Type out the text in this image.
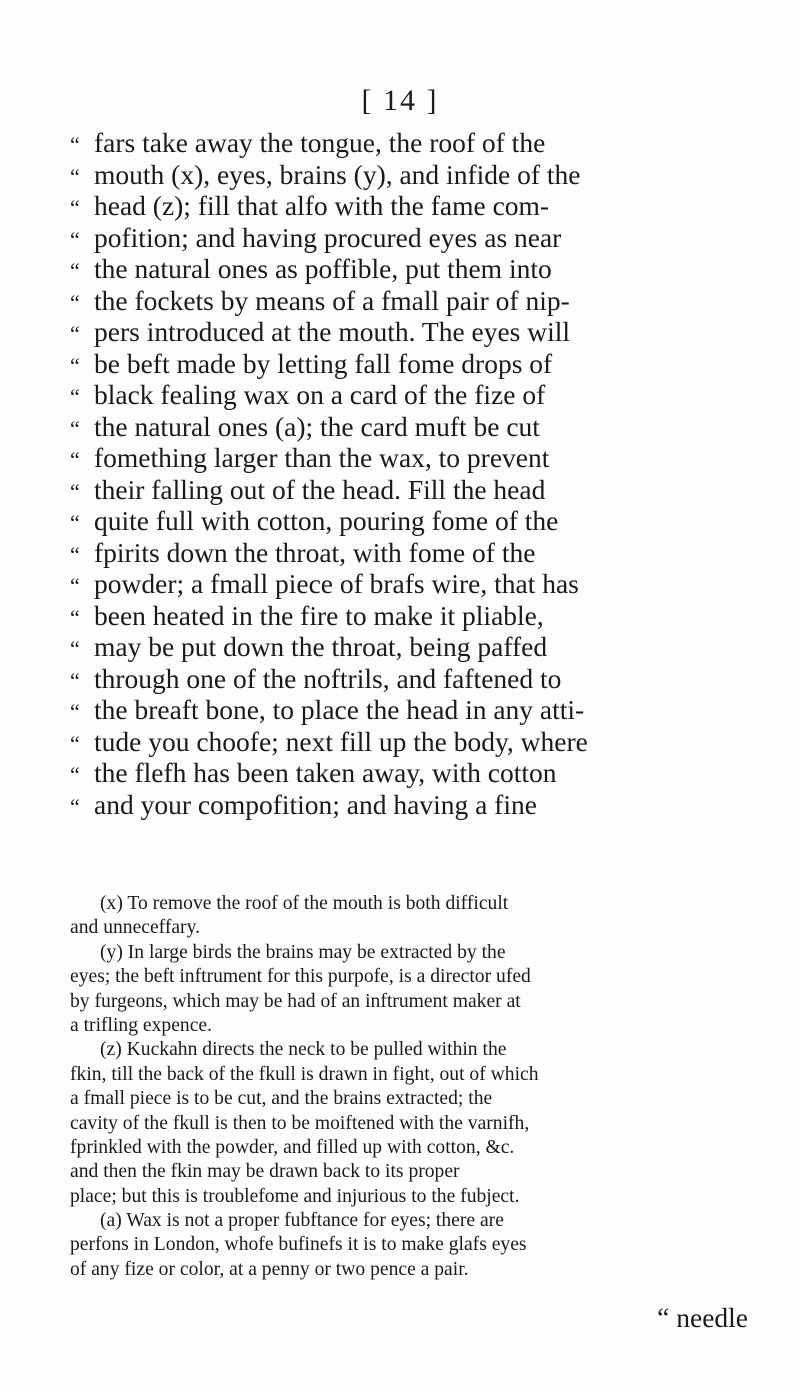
[ 14 ]
“ fars take away the tongue, the roof of the
“ mouth (x), eyes, brains (y), and infide of the
“ head (z); fill that alfo with the fame com-
“ pofition; and having procured eyes as near
“ the natural ones as poffible, put them into
“ the fockets by means of a fmall pair of nip-
“ pers introduced at the mouth. The eyes will
“ be beft made by letting fall fome drops of
“ black fealing wax on a card of the fize of
“ the natural ones (a); the card muft be cut
“ fomething larger than the wax, to prevent
“ their falling out of the head. Fill the head
“ quite full with cotton, pouring fome of the
“ fpirits down the throat, with fome of the
“ powder; a fmall piece of brafs wire, that has
“ been heated in the fire to make it pliable,
“ may be put down the throat, being paffed
“ through one of the noftrils, and faftened to
“ the breaft bone, to place the head in any atti-
“ tude you choofe; next fill up the body, where
“ the flefh has been taken away, with cotton
“ and your compofition; and having a fine
(x) To remove the roof of the mouth is both difficult
and unneceffary.
(y) In large birds the brains may be extracted by the
eyes; the beft inftrument for this purpofe, is a director ufed
by furgeons, which may be had of an inftrument maker at
a trifling expence.
(z) Kuckahn directs the neck to be pulled within the
fkin, till the back of the fkull is drawn in fight, out of which
a fmall piece is to be cut, and the brains extracted; the
cavity of the fkull is then to be moiftened with the varnifh,
fprinkled with the powder, and filled up with cotton, &c.
and then the fkin may be drawn back to its proper
place; but this is troublefome and injurious to the fubject.
(a) Wax is not a proper fubftance for eyes; there are
perfons in London, whofe bufinefs it is to make glafs eyes
of any fize or color, at a penny or two pence a pair.
“ needle
